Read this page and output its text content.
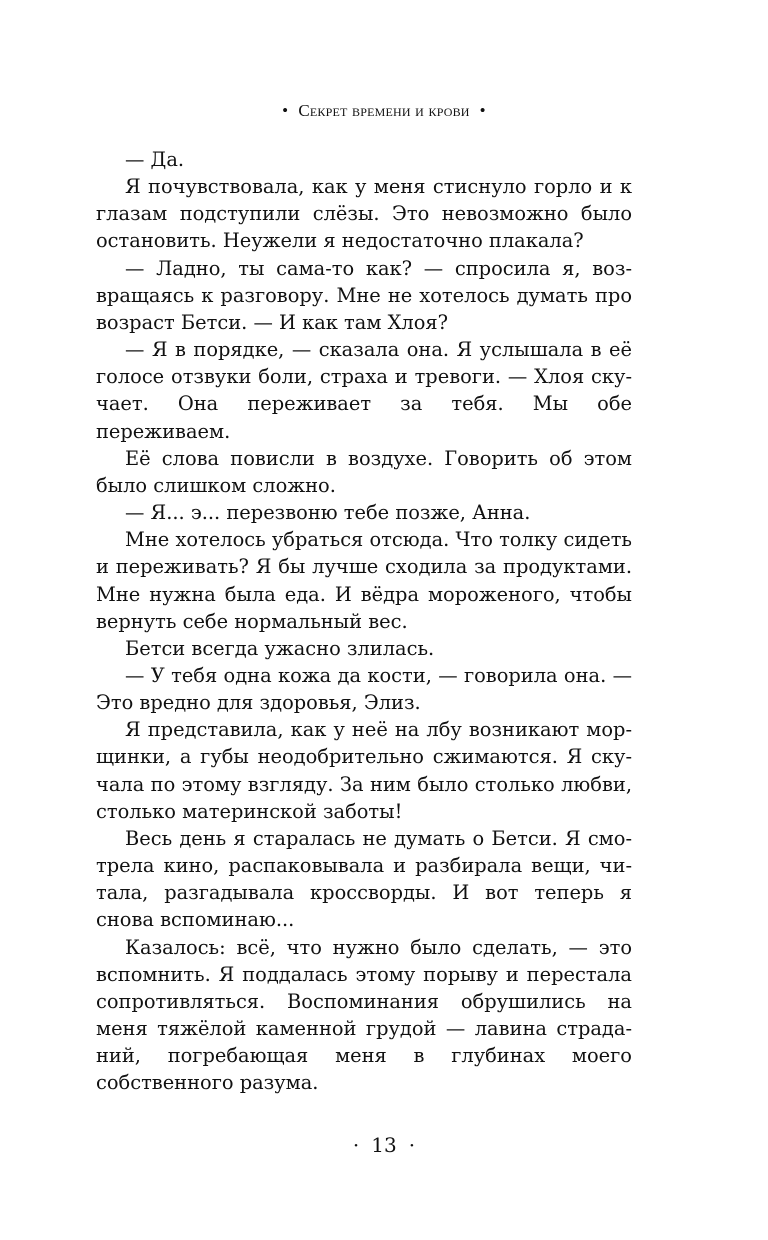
• Секрет времени и крови •

— Да.

Я почувствовала, как у меня стиснуло горло и к глазам подступили слёзы. Это невозможно было остановить. Неужели я недостаточно плакала?

— Ладно, ты сама-то как? — спросила я, возвращаясь к разговору. Мне не хотелось думать про возраст Бетси. — И как там Хлоя?

— Я в порядке, — сказала она. Я услышала в её голосе отзвуки боли, страха и тревоги. — Хлоя скучает. Она переживает за тебя. Мы обе переживаем.

Её слова повисли в воздухе. Говорить об этом было слишком сложно.

— Я... э... перезвоню тебе позже, Анна.

Мне хотелось убраться отсюда. Что толку сидеть и переживать? Я бы лучше сходила за продуктами. Мне нужна была еда. И вёдра мороженого, чтобы вернуть себе нормальный вес.

Бетси всегда ужасно злилась.

— У тебя одна кожа да кости, — говорила она. — Это вредно для здоровья, Элиз.

Я представила, как у неё на лбу возникают морщинки, а губы неодобрительно сжимаются. Я скучала по этому взгляду. За ним было столько любви, столько материнской заботы!

Весь день я старалась не думать о Бетси. Я смотрела кино, распаковывала и разбирала вещи, читала, разгадывала кроссворды. И вот теперь я снова вспоминаю...

Казалось: всё, что нужно было сделать, — это вспомнить. Я поддалась этому порыву и перестала сопротивляться. Воспоминания обрушились на меня тяжёлой каменной грудой — лавина страданий, погребающая меня в глубинах моего собственного разума.

· 13 ·
